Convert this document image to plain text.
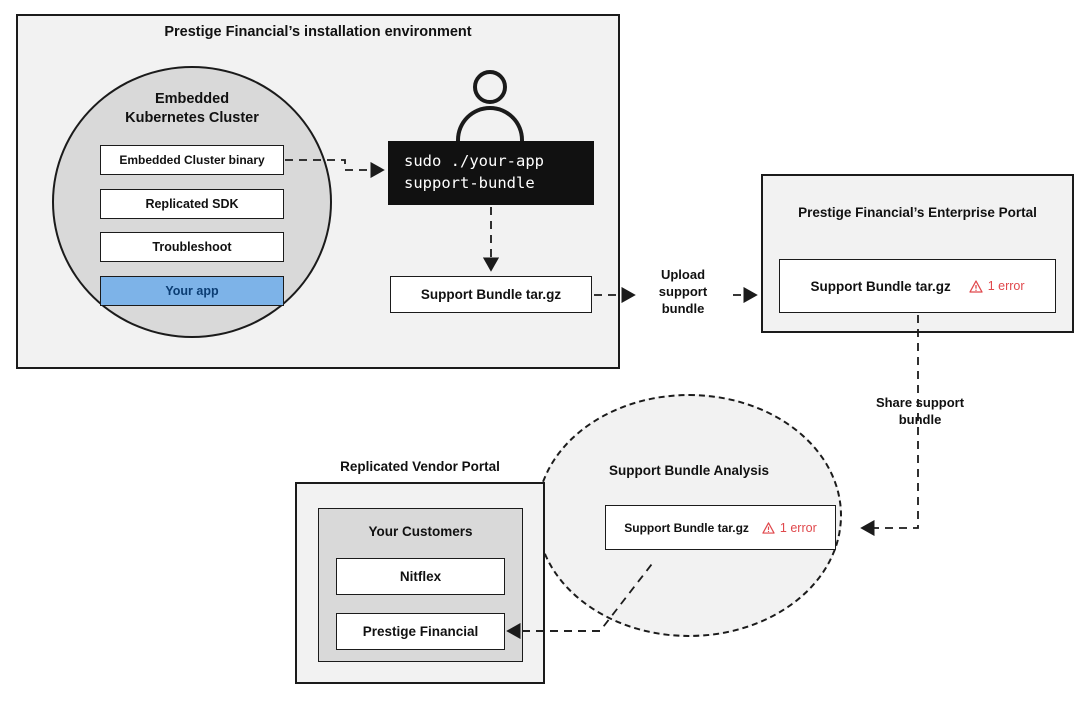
Prestige Financial’s installation environment
Embedded
Kubernetes Cluster
Embedded Cluster binary
Replicated SDK
Troubleshoot
Your app
sudo ./your-app
support-bundle
Support Bundle tar.gz
Upload
support
bundle
Prestige Financial’s Enterprise Portal
Support Bundle tar.gz	1 error
Share support
bundle
Support Bundle Analysis
Support Bundle tar.gz 1 error
Replicated Vendor Portal
Your Customers
Nitflex
Prestige Financial
